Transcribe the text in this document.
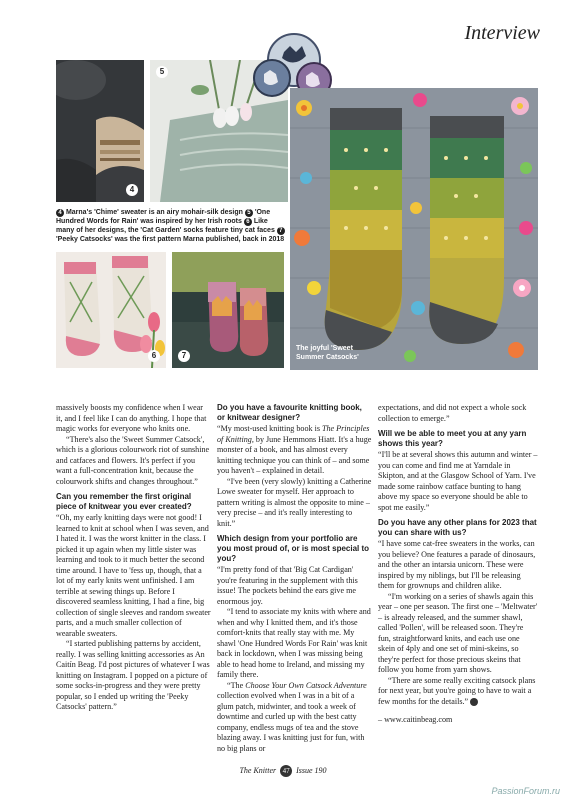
Interview
4
5
The joyful 'Sweet Summer Catsocks'
4 Marna's 'Chime' sweater is an airy mohair-silk design 5 'One Hundred Words for Rain' was inspired by her Irish roots 6 Like many of her designs, the 'Cat Garden' socks feature tiny cat faces 7 'Peeky Catsocks' was the first pattern Marna published, back in 2018
6	7

massively boosts my confidence when I wear it, and I feel like I can do anything. I hope that magic works for everyone who knits one.

“There's also the 'Sweet Summer Catsock', which is a glorious colourwork riot of sunshine and catfaces and flowers. It's perfect if you want a full-concentration knit, because the colourwork shifts and changes throughout.”

Can you remember the first original piece of knitwear you ever created?

“Oh, my early knitting days were not good! I learned to knit at school when I was seven, and I hated it. I was the worst knitter in the class. I picked it up again when my little sister was learning and took to it much better the second time around. I have to 'fess up, though, that a lot of my early knits went unfinished. I am terrible at sewing things up. Before I discovered seamless knitting, I had a fine, big collection of single sleeves and random sweater parts, and a much smaller collection of wearable sweaters.

“I started publishing patterns by accident, really. I was selling knitting accessories as An Caitín Beag. I'd post pictures of whatever I was knitting on Instagram. I popped on a picture of some socks-in-progress and they were pretty popular, so I ended up writing the 'Peeky Catsocks' pattern.”

Do you have a favourite knitting book, or knitwear designer?

“My most-used knitting book is The Principles of Knitting, by June Hemmons Hiatt. It's a huge monster of a book, and has almost every knitting technique you can think of – and some you haven't – explained in detail.

“I've been (very slowly) knitting a Catherine Lowe sweater for myself. Her approach to pattern writing is almost the opposite to mine – very precise – and it's really interesting to knit.”

Which design from your portfolio are you most proud of, or is most special to you?

“I'm pretty fond of that 'Big Cat Cardigan' you're featuring in the supplement with this issue! The pockets behind the ears give me enormous joy.

“I tend to associate my knits with where and when and why I knitted them, and it's those comfort-knits that really stay with me. My shawl 'One Hundred Words For Rain' was knit back in lockdown, when I was missing being able to head home to Ireland, and missing my family there.

“The Choose Your Own Catsock Adventure collection evolved when I was in a bit of a glum patch, midwinter, and took a week of downtime and curled up with the best catty company, endless mugs of tea and the stove blazing away. I was knitting just for fun, with no big plans or

expectations, and did not expect a whole sock collection to emerge.”

Will we be able to meet you at any yarn shows this year?

“I'll be at several shows this autumn and winter – you can come and find me at Yarndale in Skipton, and at the Glasgow School of Yarn. I've made some rainbow catface bunting to hang above my space so everyone should be able to spot me easily.”

Do you have any other plans for 2023 that you can share with us?

“I have some cat-free sweaters in the works, can you believe? One features a parade of dinosaurs, and the other an intarsia unicorn. These were inspired by my niblings, but I'll be releasing them for grownups and children alike.

“I'm working on a series of shawls again this year – one per season. The first one – 'Meltwater' – is already released, and the summer shawl, called 'Pollen', will be released soon. They're fun, straightforward knits, and each use one skein of 4ply and one set of mini-skeins, so they're perfect for those precious skeins that follow you home from yarn shows.

“There are some really exciting catsock plans for next year, but you're going to have to wait a few months for the details.”

– www.caitinbeag.com

The Knitter 47 Issue 190
PassionForum.ru
